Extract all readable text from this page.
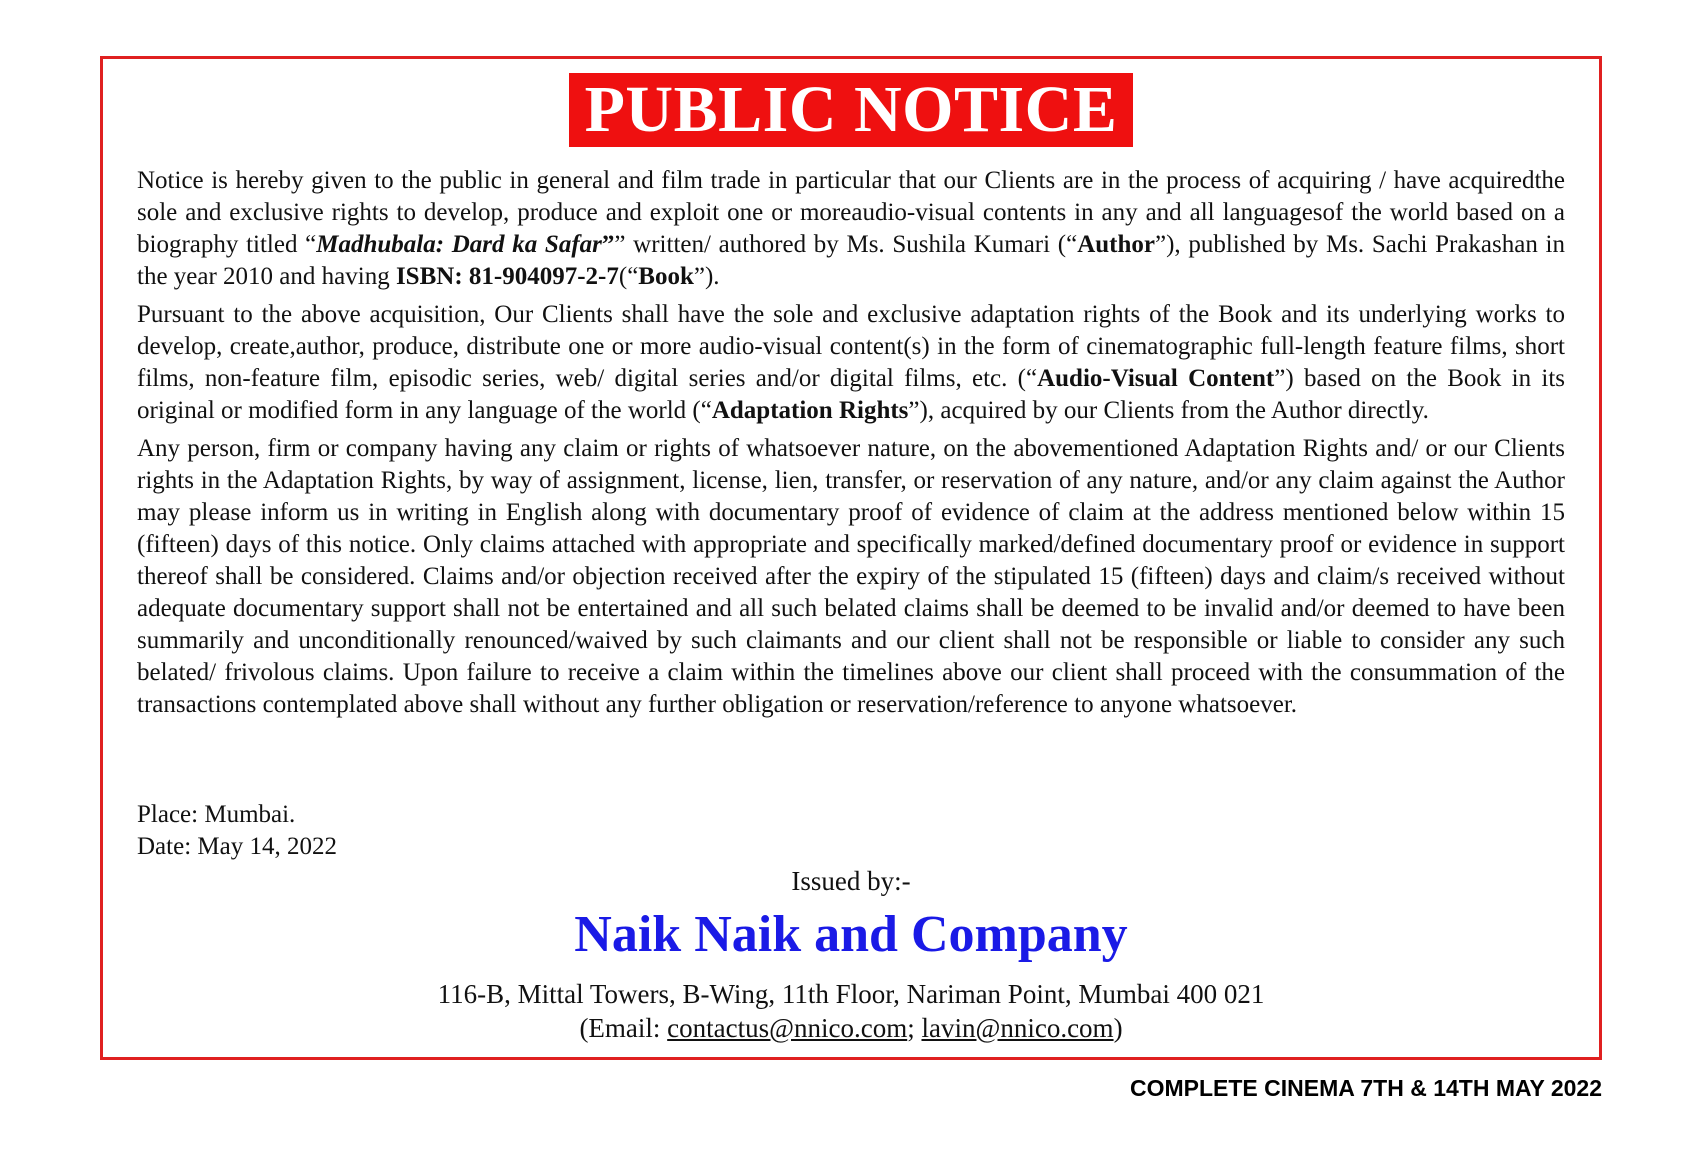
PUBLIC NOTICE

Notice is hereby given to the public in general and film trade in particular that our Clients are in the process of acquiring / have acquiredthe sole and exclusive rights to develop, produce and exploit one or moreaudio-visual contents in any and all languagesof the world based on a biography titled “Madhubala: Dard ka Safar”” written/ authored by Ms. Sushila Kumari (“Author”), published by Ms. Sachi Prakashan in the year 2010 and having ISBN: 81-904097-2-7(“Book”).

Pursuant to the above acquisition, Our Clients shall have the sole and exclusive adaptation rights of the Book and its underlying works to develop, create,author, produce, distribute one or more audio-visual content(s) in the form of cinematographic full-length feature films, short films, non-feature film, episodic series, web/ digital series and/or digital films, etc. (“Audio-Visual Content”) based on the Book in its original or modified form in any language of the world (“Adaptation Rights”), acquired by our Clients from the Author directly.

Any person, firm or company having any claim or rights of whatsoever nature, on the abovementioned Adaptation Rights and/ or our Clients rights in the Adaptation Rights, by way of assignment, license, lien, transfer, or reservation of any nature, and/or any claim against the Author may please inform us in writing in English along with documentary proof of evidence of claim at the address mentioned below within 15 (fifteen) days of this notice. Only claims attached with appropriate and specifically marked/defined documentary proof or evidence in support thereof shall be considered. Claims and/or objection received after the expiry of the stipulated 15 (fifteen) days and claim/s received without adequate documentary support shall not be entertained and all such belated claims shall be deemed to be invalid and/or deemed to have been summarily and unconditionally renounced/waived by such claimants and our client shall not be responsible or liable to consider any such belated/ frivolous claims. Upon failure to receive a claim within the timelines above our client shall proceed with the consummation of the transactions contemplated above shall without any further obligation or reservation/reference to anyone whatsoever.

Place: Mumbai.
Date: May 14, 2022
Issued by:-
Naik Naik and Company
116-B, Mittal Towers, B-Wing, 11th Floor, Nariman Point, Mumbai 400 021
(Email: contactus@nnico.com; lavin@nnico.com)
COMPLETE CINEMA 7TH & 14TH MAY 2022
